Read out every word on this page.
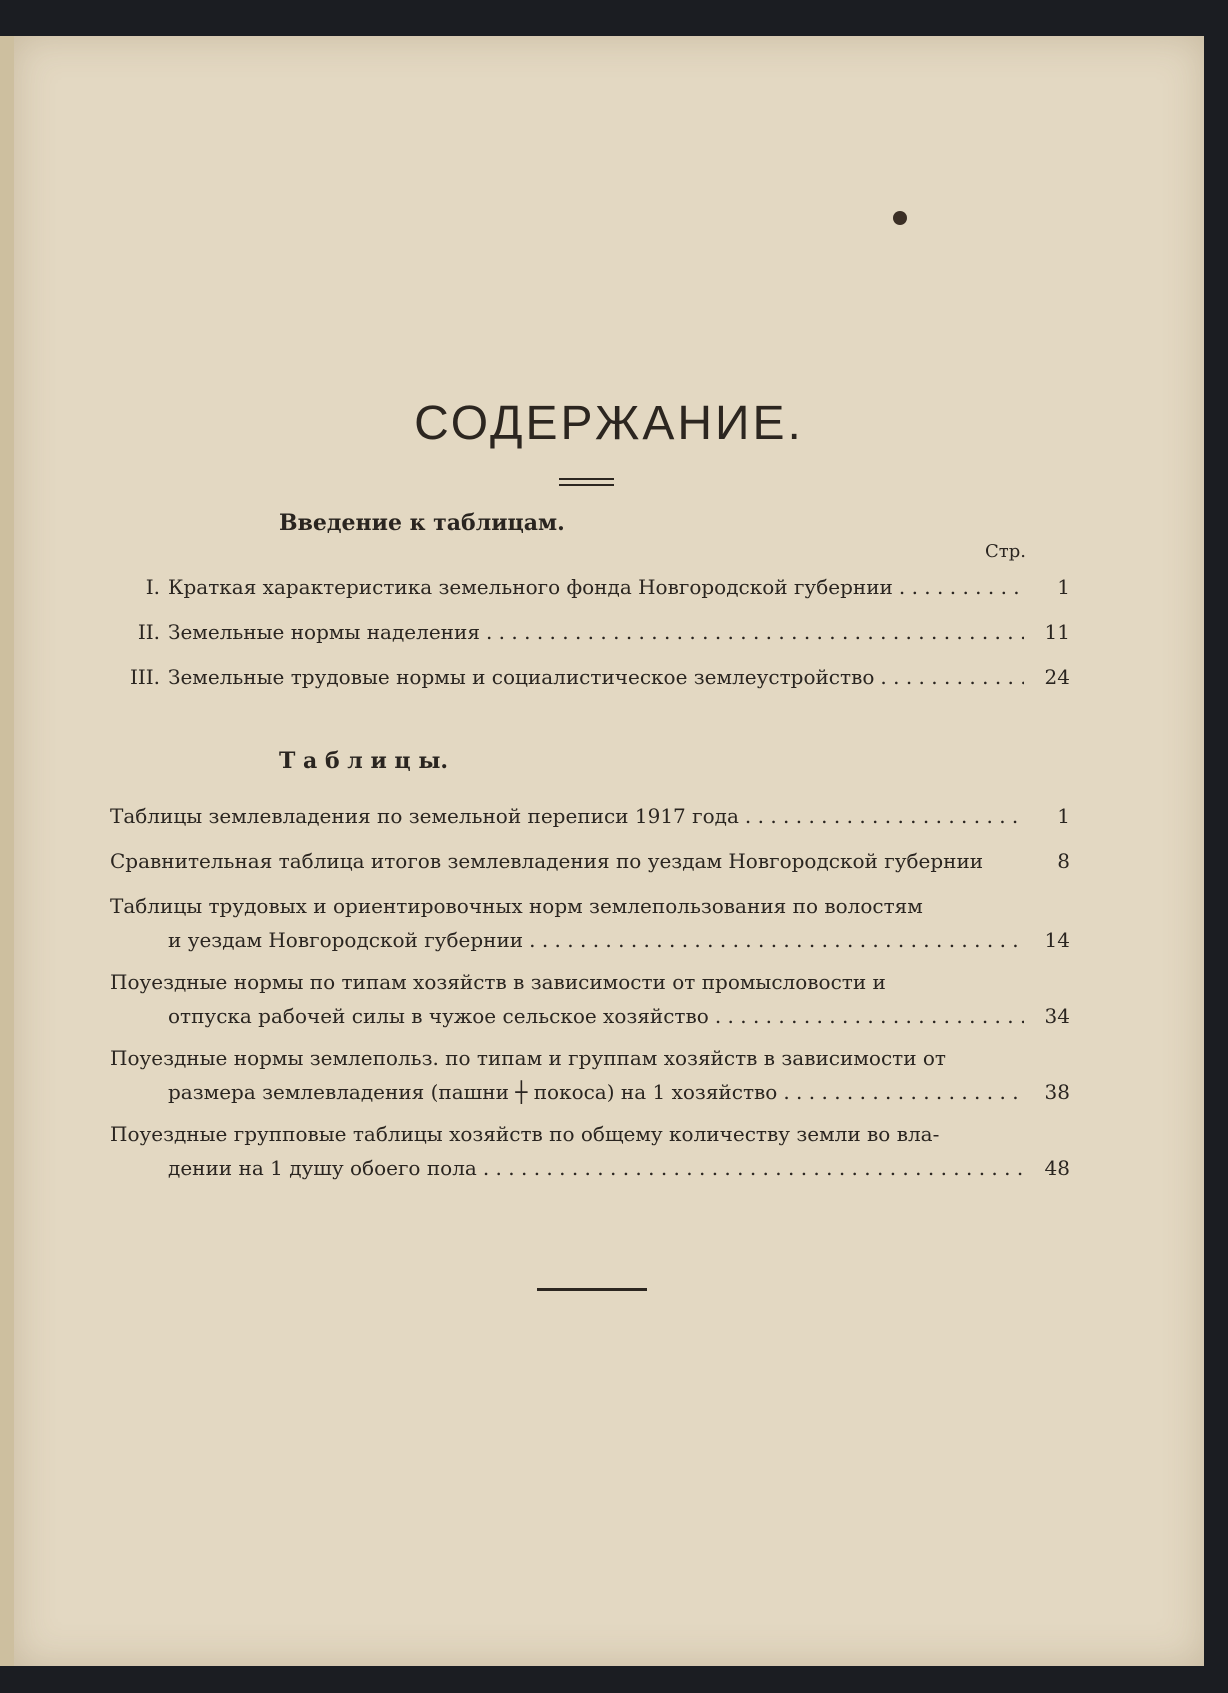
СОДЕРЖАНИЕ.
Введение к таблицам.
Стр.
I. Краткая характеристика земельного фонда Новгородской губернии . . .	1
II. Земельные нормы наделения . . .	11
III. Земельные трудовые нормы и социалистическое землеустройство . . .	24
Т а б л и ц ы.
Таблицы землевладения по земельной переписи 1917 года . . .	1
Сравнительная таблица итогов землевладения по уездам Новгородской губернии	8
Таблицы трудовых и ориентировочных норм землепользования по волостям
и уездам Новгородской губернии . . .	14
Поуездные нормы по типам хозяйств в зависимости от промысловости и
отпуска рабочей силы в чужое сельское хозяйство . . .	34
Поуездные нормы землепольз. по типам и группам хозяйств в зависимости от
размера землевладения (пашни ┼ покоса) на 1 хозяйство . . .	38
Поуездные групповые таблицы хозяйств по общему количеству земли во вла-
дении на 1 душу обоего пола . . .	48
